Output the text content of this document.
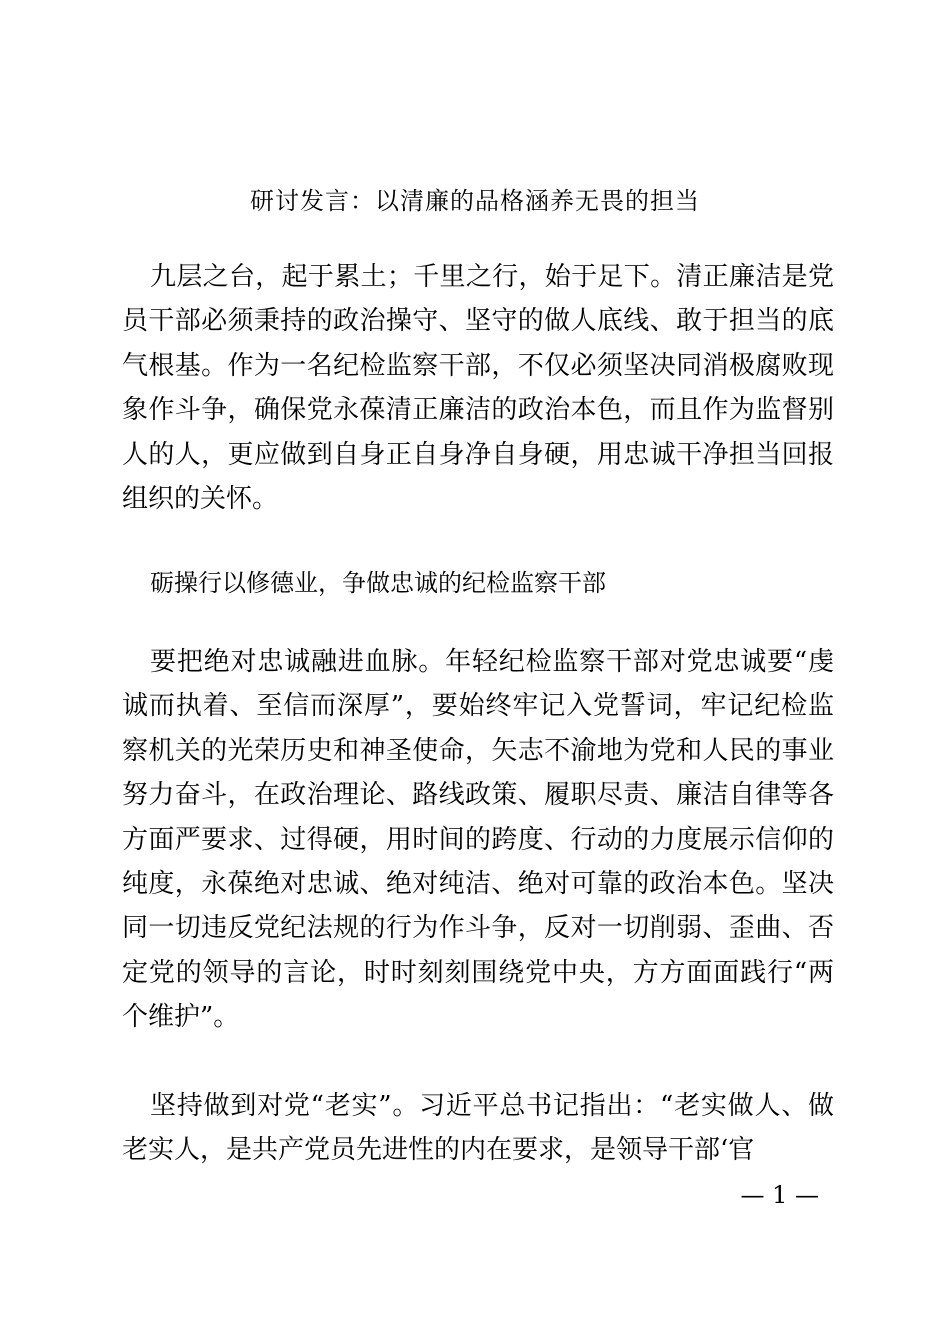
研讨发言：以清廉的品格涵养无畏的担当
九层之台，起于累土；千里之行，始于足下。清正廉洁是党员干部必须秉持的政治操守、坚守的做人底线、敢于担当的底气根基。作为一名纪检监察干部，不仅必须坚决同消极腐败现象作斗争，确保党永葆清正廉洁的政治本色，而且作为监督别人的人，更应做到自身正自身净自身硬，用忠诚干净担当回报组织的关怀。
砺操行以修德业，争做忠诚的纪检监察干部
要把绝对忠诚融进血脉。年轻纪检监察干部对党忠诚要“虔诚而执着、至信而深厚”，要始终牢记入党誓词，牢记纪检监察机关的光荣历史和神圣使命，矢志不渝地为党和人民的事业努力奋斗，在政治理论、路线政策、履职尽责、廉洁自律等各方面严要求、过得硬，用时间的跨度、行动的力度展示信仰的纯度，永葆绝对忠诚、绝对纯洁、绝对可靠的政治本色。坚决同一切违反党纪法规的行为作斗争，反对一切削弱、歪曲、否定党的领导的言论，时时刻刻围绕党中央，方方面面践行“两个维护”。
坚持做到对党“老实”。习近平总书记指出：“老实做人、做老实人，是共产党员先进性的内在要求，是领导干部‘官
— 1 —
